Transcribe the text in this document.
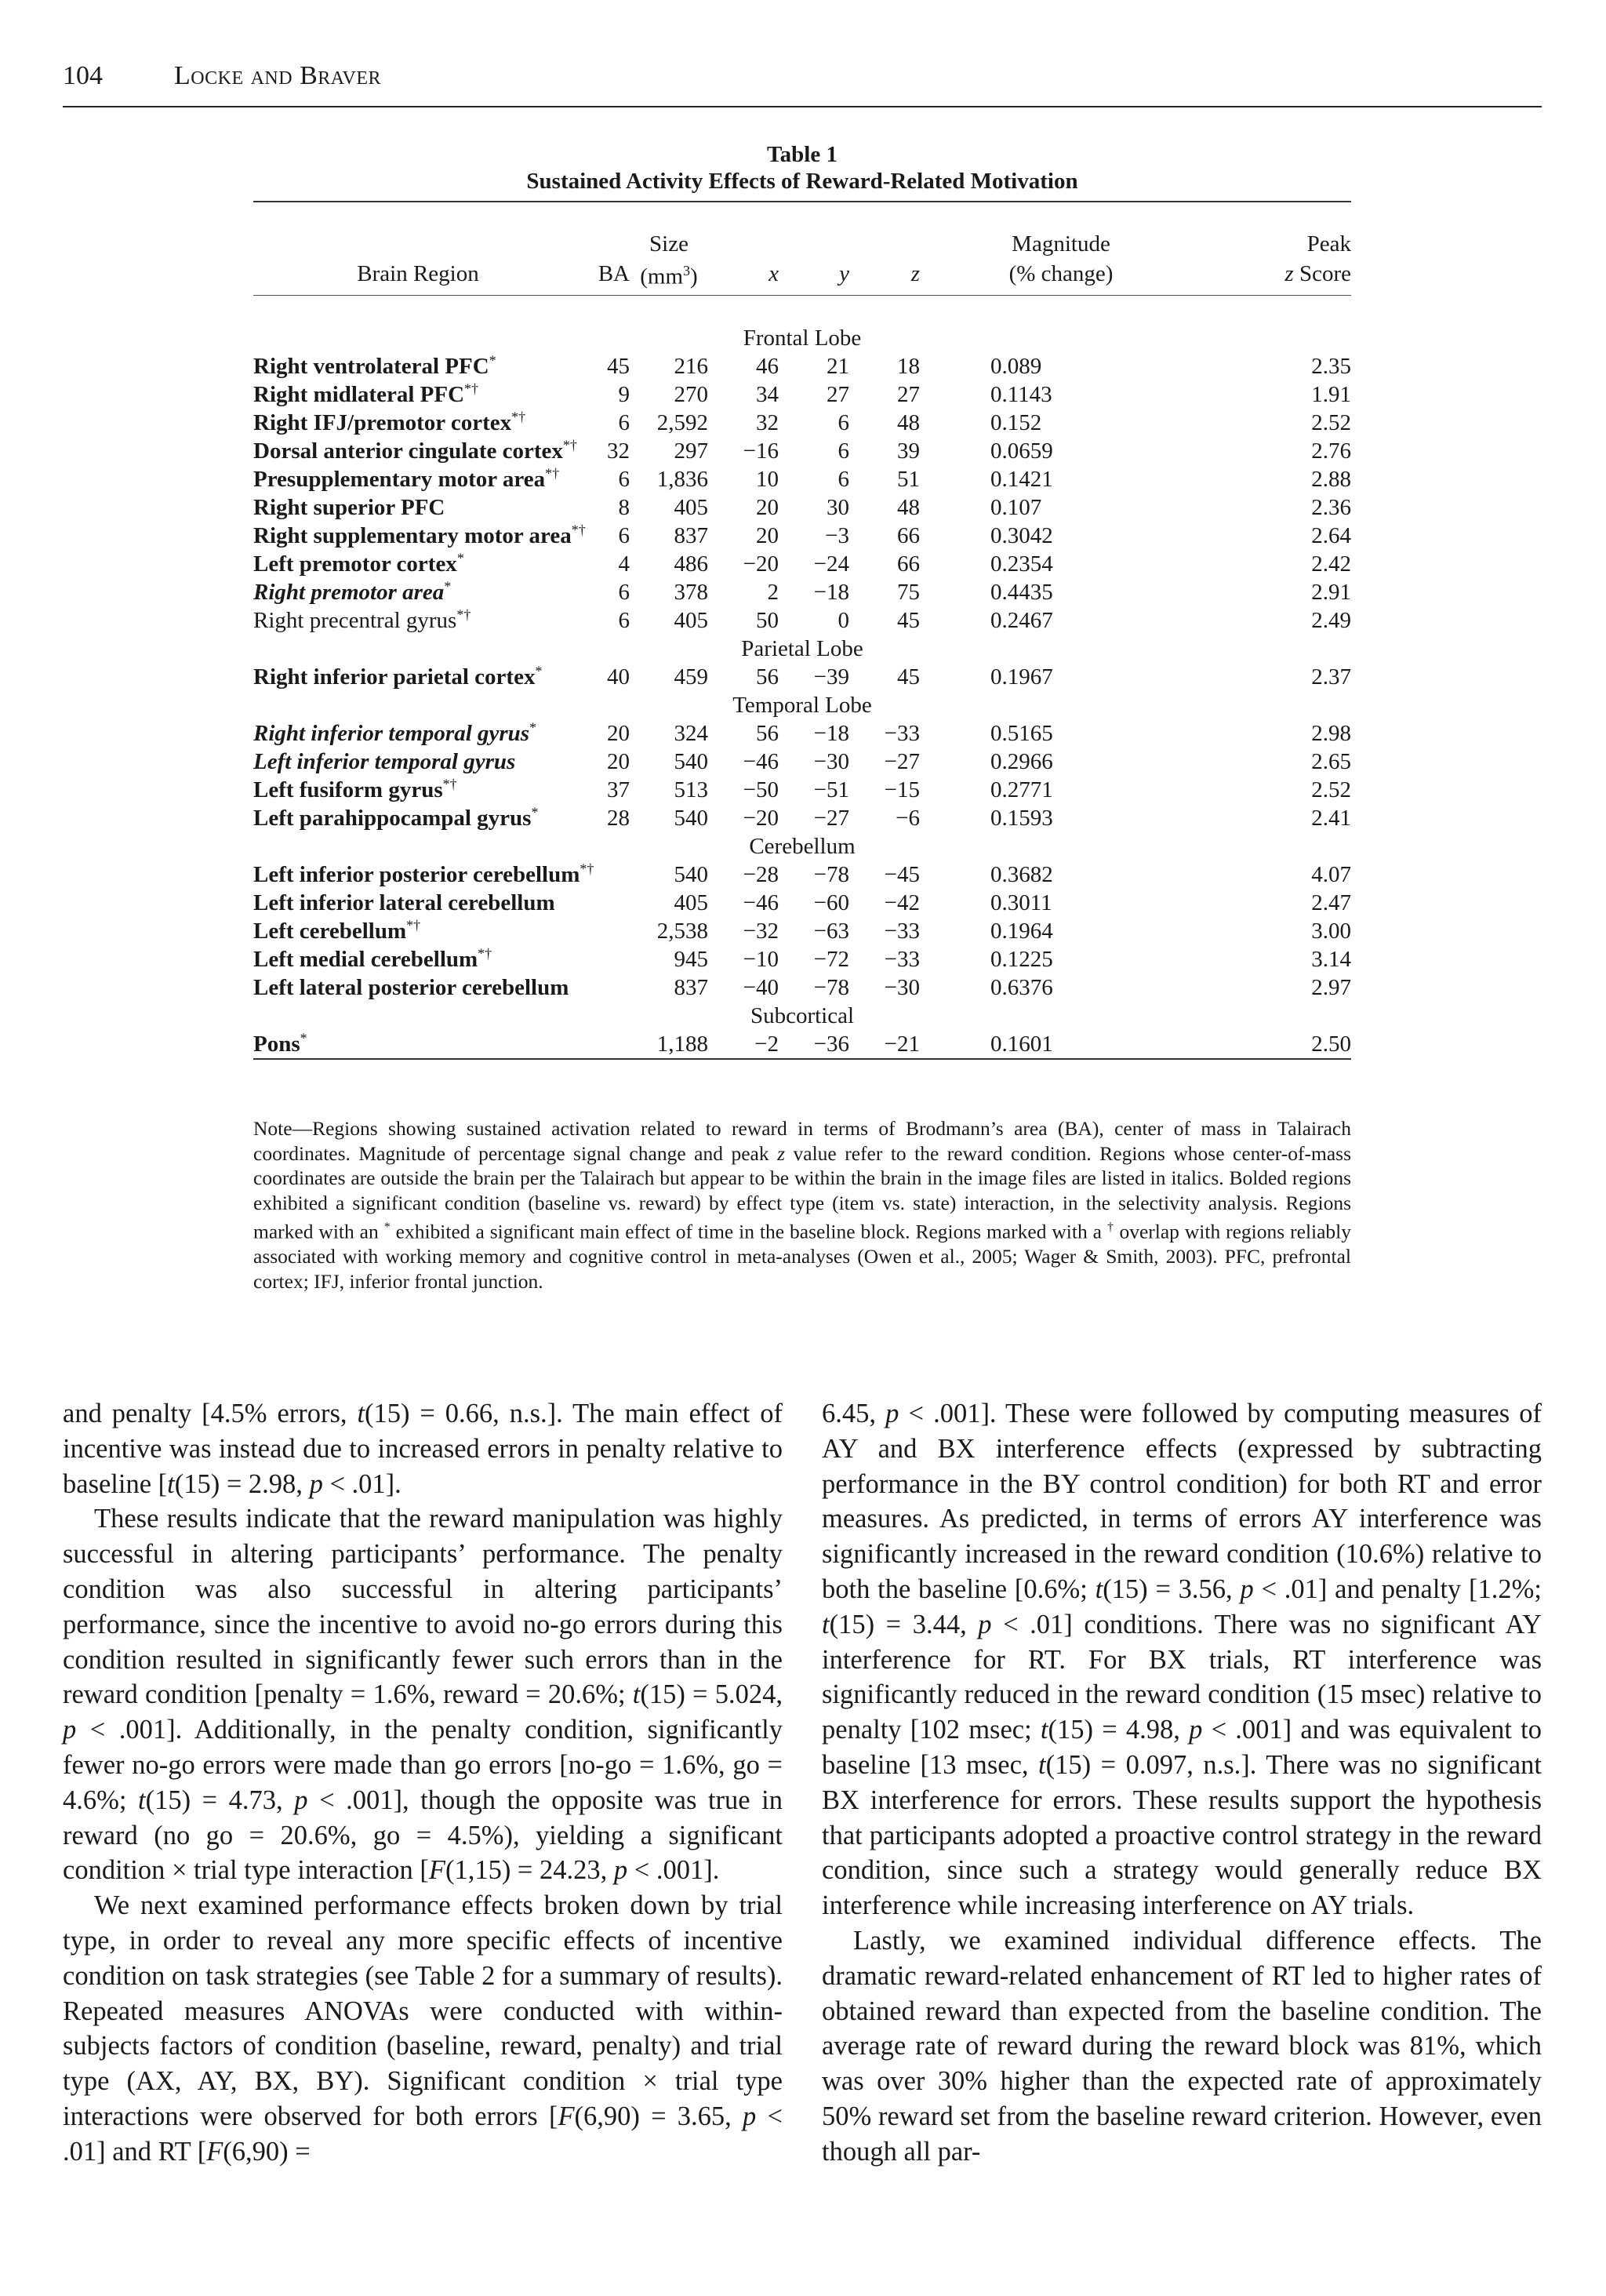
104	Locke and Braver
Table 1
Sustained Activity Effects of Reward-Related Motivation

		Size				Magnitude	Peak
Brain Region	BA	$(mm^3)$	x	y	z	(% change)	z Score

Frontal Lobe							
Right ventrolateral PFC*	45	216	46	21	18	0.089	2.35
Right midlateral PFC*†	9	270	34	27	27	0.1143	1.91
Right IFJ/premotor cortex*†	6	2,592	32	6	48	0.152	2.52
Dorsal anterior cingulate cortex*†	32	297	−16	6	39	0.0659	2.76
Presupplementary motor area*†	6	1,836	10	6	51	0.1421	2.88
Right superior PFC	8	405	20	30	48	0.107	2.36
Right supplementary motor area*†	6	837	20	−3	66	0.3042	2.64
Left premotor cortex*	4	486	−20	−24	66	0.2354	2.42
Right premotor area*	6	378	2	−18	75	0.4435	2.91
Right precentral gyrus*†	6	405	50	0	45	0.2467	2.49
Parietal Lobe							
Right inferior parietal cortex*	40	459	56	−39	45	0.1967	2.37
Temporal Lobe							
Right inferior temporal gyrus*	20	324	56	−18	−33	0.5165	2.98
Left inferior temporal gyrus	20	540	−46	−30	−27	0.2966	2.65
Left fusiform gyrus*†	37	513	−50	−51	−15	0.2771	2.52
Left parahippocampal gyrus*	28	540	−20	−27	−6	0.1593	2.41
Cerebellum							
Left inferior posterior cerebellum*†		540	−28	−78	−45	0.3682	4.07
Left inferior lateral cerebellum		405	−46	−60	−42	0.3011	2.47
Left cerebellum*†		2,538	−32	−63	−33	0.1964	3.00
Left medial cerebellum*†		945	−10	−72	−33	0.1225	3.14
Left lateral posterior cerebellum		837	−40	−78	−30	0.6376	2.97
Subcortical							
Pons*		1,188	−2	−36	−21	0.1601	2.50

Note—Regions showing sustained activation related to reward in terms of Brodmann’s area (BA), center of mass in Talairach coordinates. Magnitude of percentage signal change and peak z value refer to the reward condition. Regions whose center-of-mass coordinates are outside the brain per the Talairach but appear to be within the brain in the image files are listed in italics. Bolded regions exhibited a significant condition (baseline vs. reward) by effect type (item vs. state) interaction, in the selectivity analysis. Regions marked with an * exhibited a significant main effect of time in the baseline block. Regions marked with a † overlap with regions reliably associated with working memory and cognitive control in meta-analyses (Owen et al., 2005; Wager & Smith, 2003). PFC, prefrontal cortex; IFJ, inferior frontal junction.

and penalty [4.5% errors, t(15) = 0.66, n.s.]. The main effect of incentive was instead due to increased errors in penalty relative to baseline [t(15) = 2.98, p < .01].

These results indicate that the reward manipulation was highly successful in altering participants’ performance. The penalty condition was also successful in altering participants’ performance, since the incentive to avoid no-go errors during this condition resulted in significantly fewer such errors than in the reward condition [penalty = 1.6%, reward = 20.6%; t(15) = 5.024, p < .001]. Additionally, in the penalty condition, significantly fewer no-go errors were made than go errors [no-go = 1.6%, go = 4.6%; t(15) = 4.73, p < .001], though the opposite was true in reward (no go = 20.6%, go = 4.5%), yielding a significant condition × trial type interaction [F(1,15) = 24.23, p < .001].

We next examined performance effects broken down by trial type, in order to reveal any more specific effects of incentive condition on task strategies (see Table 2 for a summary of results). Repeated measures ANOVAs were conducted with within-subjects factors of condition (baseline, reward, penalty) and trial type (AX, AY, BX, BY). Significant condition × trial type interactions were observed for both errors [F(6,90) = 3.65, p < .01] and RT [F(6,90) =

6.45, p < .001]. These were followed by computing measures of AY and BX interference effects (expressed by subtracting performance in the BY control condition) for both RT and error measures. As predicted, in terms of errors AY interference was significantly increased in the reward condition (10.6%) relative to both the baseline [0.6%; t(15) = 3.56, p < .01] and penalty [1.2%; t(15) = 3.44, p < .01] conditions. There was no significant AY interference for RT. For BX trials, RT interference was significantly reduced in the reward condition (15 msec) relative to penalty [102 msec; t(15) = 4.98, p < .001] and was equivalent to baseline [13 msec, t(15) = 0.097, n.s.]. There was no significant BX interference for errors. These results support the hypothesis that participants adopted a proactive control strategy in the reward condition, since such a strategy would generally reduce BX interference while increasing interference on AY trials.

Lastly, we examined individual difference effects. The dramatic reward-related enhancement of RT led to higher rates of obtained reward than expected from the baseline condition. The average rate of reward during the reward block was 81%, which was over 30% higher than the expected rate of approximately 50% reward set from the baseline reward criterion. However, even though all par-
